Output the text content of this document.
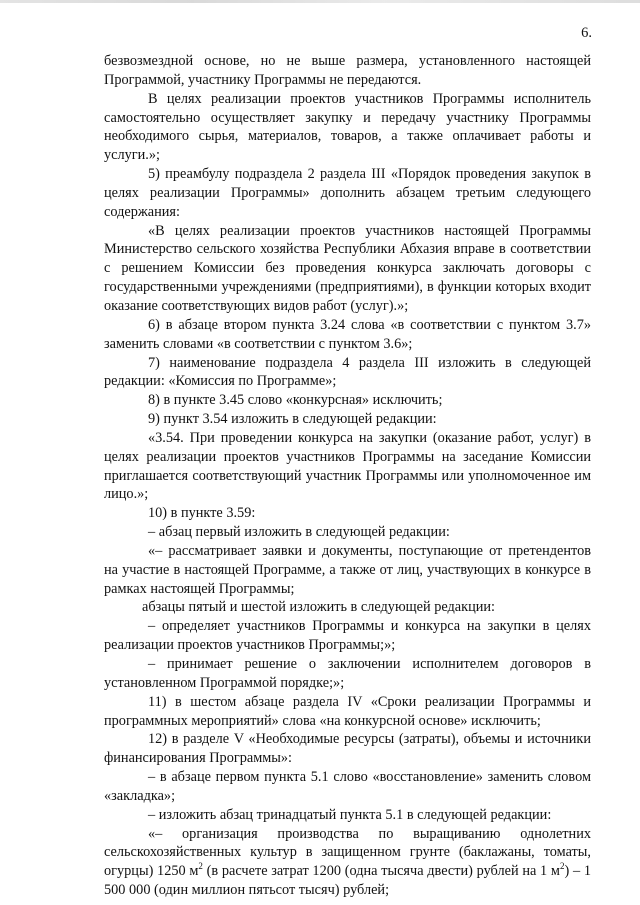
6.

безвозмездной основе, но не выше размера, установленного настоящей Программой, участнику Программы не передаются.

В целях реализации проектов участников Программы исполнитель самостоятельно осуществляет закупку и передачу участнику Программы необходимого сырья, материалов, товаров, а также оплачивает работы и услуги.»;

5) преамбулу подраздела 2 раздела III «Порядок проведения закупок в целях реализации Программы» дополнить абзацем третьим следующего содержания:

«В целях реализации проектов участников настоящей Программы Министерство сельского хозяйства Республики Абхазия вправе в соответствии с решением Комиссии без проведения конкурса заключать договоры с государственными учреждениями (предприятиями), в функции которых входит оказание соответствующих видов работ (услуг).»;

6) в абзаце втором пункта 3.24 слова «в соответствии с пунктом 3.7» заменить словами «в соответствии с пунктом 3.6»;

7) наименование подраздела 4 раздела III изложить в следующей редакции: «Комиссия по Программе»;

8) в пункте 3.45 слово «конкурсная» исключить;

9) пункт 3.54 изложить в следующей редакции:

«3.54. При проведении конкурса на закупки (оказание работ, услуг) в целях реализации проектов участников Программы на заседание Комиссии приглашается соответствующий участник Программы или уполномоченное им лицо.»;

10) в пункте 3.59:

– абзац первый изложить в следующей редакции:

«– рассматривает заявки и документы, поступающие от претендентов на участие в настоящей Программе, а также от лиц, участвующих в конкурсе в рамках настоящей Программы;

абзацы пятый и шестой изложить в следующей редакции:

– определяет участников Программы и конкурса на закупки в целях реализации проектов участников Программы;»;

– принимает решение о заключении исполнителем договоров в установленном Программой порядке;»;

11) в шестом абзаце раздела IV «Сроки реализации Программы и программных мероприятий» слова «на конкурсной основе» исключить;

12) в разделе V «Необходимые ресурсы (затраты), объемы и источники финансирования Программы»:

– в абзаце первом пункта 5.1 слово «восстановление» заменить словом «закладка»;

– изложить абзац тринадцатый пункта 5.1 в следующей редакции:

«– организация производства по выращиванию однолетних сельскохозяйственных культур в защищенном грунте (баклажаны, томаты, огурцы) 1250 $м^2$ (в расчете затрат 1200 (одна тысяча двести) рублей на 1 $м^2) - 1$ 500 000 (один миллион пятьсот тысяч) рублей;
